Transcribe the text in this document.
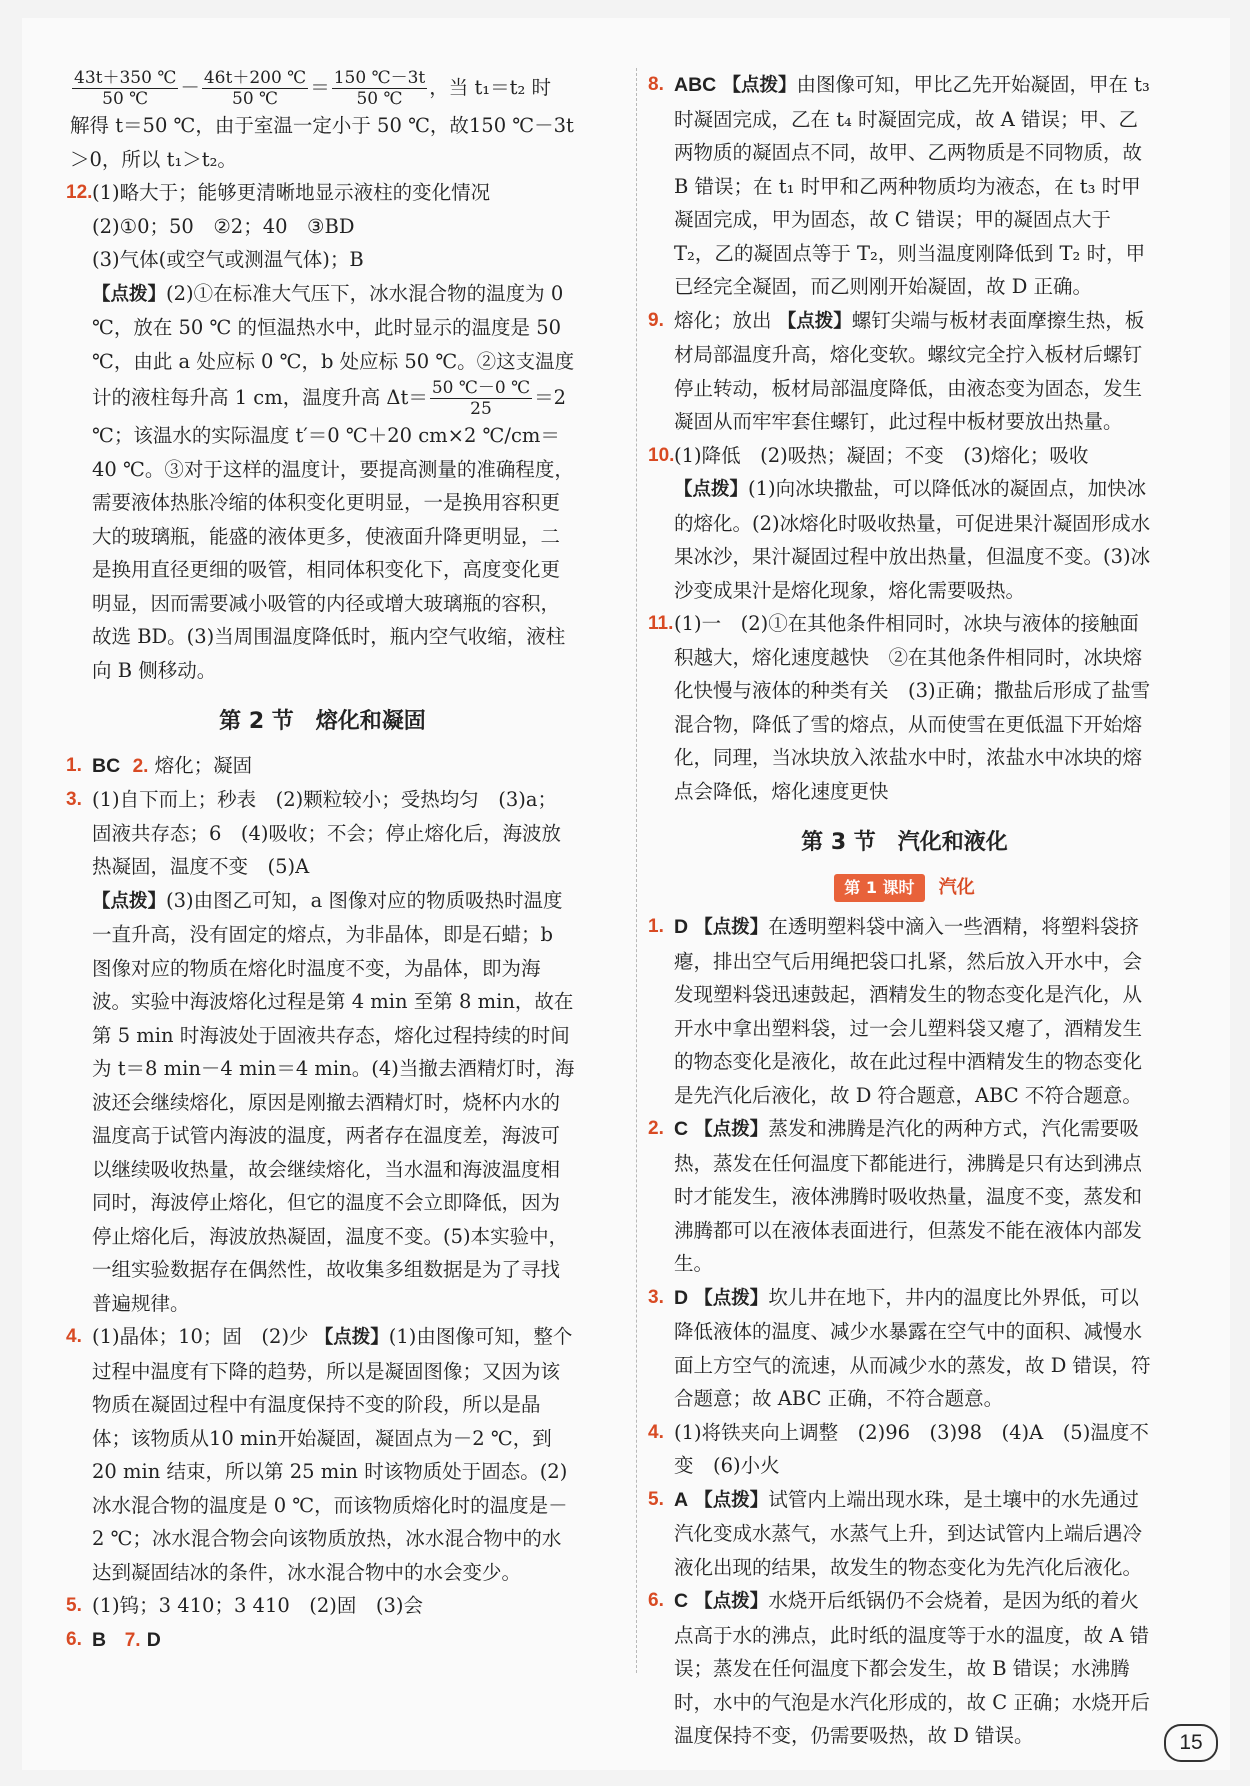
$\frac{43t+350 ℃}{50 ℃} - \frac{46t+200 ℃}{50 ℃} = \frac{150 ℃-3t}{50 ℃}$ ，当 t₁＝t₂ 时
解得 t＝50 ℃，由于室温一定小于 50 ℃，故150 ℃－3t＞0，所以 t₁＞t₂。

12. (1)略大于；能够更清晰地显示液柱的变化情况
(2)①0；50　②2；40　③BD
(3)气体(或空气或测温气体)；B
【点拨】(2)①在标准大气压下，冰水混合物的温度为 0 ℃，放在 50 ℃ 的恒温热水中，此时显示的温度是 50 ℃，由此 a 处应标 0 ℃，b 处应标 50 ℃。②这支温度计的液柱每升高 1 cm，温度升高 $\Delta t= \frac{50 ℃-0 ℃}{25} =2$ ℃；该温水的实际温度 t′＝0 ℃＋20 cm×2 ℃/cm＝40 ℃。③对于这样的温度计，要提高测量的准确程度，需要液体热胀冷缩的体积变化更明显，一是换用容积更大的玻璃瓶，能盛的液体更多，使液面升降更明显，二是换用直径更细的吸管，相同体积变化下，高度变化更明显，因而需要减小吸管的内径或增大玻璃瓶的容积，故选 BD。(3)当周围温度降低时，瓶内空气收缩，液柱向 B 侧移动。
第 2 节　熔化和凝固
1. BC 2. 熔化；凝固
3. (1)自下而上；秒表　(2)颗粒较小；受热均匀　(3)a；固液共存态；6　(4)吸收；不会；停止熔化后，海波放热凝固，温度不变　(5)A
【点拨】(3)由图乙可知，a 图像对应的物质吸热时温度一直升高，没有固定的熔点，为非晶体，即是石蜡；b 图像对应的物质在熔化时温度不变，为晶体，即为海波。实验中海波熔化过程是第 4 min 至第 8 min，故在第 5 min 时海波处于固液共存态，熔化过程持续的时间为 t＝8 min－4 min＝4 min。(4)当撤去酒精灯时，海波还会继续熔化，原因是刚撤去酒精灯时，烧杯内水的温度高于试管内海波的温度，两者存在温度差，海波可以继续吸收热量，故会继续熔化，当水温和海波温度相同时，海波停止熔化，但它的温度不会立即降低，因为停止熔化后，海波放热凝固，温度不变。(5)本实验中，一组实验数据存在偶然性，故收集多组数据是为了寻找普遍规律。
4. (1)晶体；10；固　(2)少 【点拨】(1)由图像可知，整个过程中温度有下降的趋势，所以是凝固图像；又因为该物质在凝固过程中有温度保持不变的阶段，所以是晶体；该物质从10 min开始凝固，凝固点为－2 ℃，到 20 min 结束，所以第 25 min 时该物质处于固态。(2)冰水混合物的温度是 0 ℃，而该物质熔化时的温度是－2 ℃；冰水混合物会向该物质放热，冰水混合物中的水达到凝固结冰的条件，冰水混合物中的水会变少。
5. (1)钨；3 410；3 410　(2)固　(3)会
6. B 7. D
8. ABC 【点拨】由图像可知，甲比乙先开始凝固，甲在 t₃ 时凝固完成，乙在 t₄ 时凝固完成，故 A 错误；甲、乙两物质的凝固点不同，故甲、乙两物质是不同物质，故 B 错误；在 t₁ 时甲和乙两种物质均为液态，在 t₃ 时甲凝固完成，甲为固态，故 C 错误；甲的凝固点大于 T₂，乙的凝固点等于 T₂，则当温度刚降低到 T₂ 时，甲已经完全凝固，而乙则刚开始凝固，故 D 正确。
9. 熔化；放出 【点拨】螺钉尖端与板材表面摩擦生热，板材局部温度升高，熔化变软。螺纹完全拧入板材后螺钉停止转动，板材局部温度降低，由液态变为固态，发生凝固从而牢牢套住螺钉，此过程中板材要放出热量。
10. (1)降低　(2)吸热；凝固；不变　(3)熔化；吸收
【点拨】(1)向冰块撒盐，可以降低冰的凝固点，加快冰的熔化。(2)冰熔化时吸收热量，可促进果汁凝固形成水果冰沙，果汁凝固过程中放出热量，但温度不变。(3)冰沙变成果汁是熔化现象，熔化需要吸热。
11. (1)一　(2)①在其他条件相同时，冰块与液体的接触面积越大，熔化速度越快　②在其他条件相同时，冰块熔化快慢与液体的种类有关　(3)正确；撒盐后形成了盐雪混合物，降低了雪的熔点，从而使雪在更低温下开始熔化，同理，当冰块放入浓盐水中时，浓盐水中冰块的熔点会降低，熔化速度更快
第 3 节　汽化和液化
第 1 课时 汽化
1. D 【点拨】在透明塑料袋中滴入一些酒精，将塑料袋挤瘪，排出空气后用绳把袋口扎紧，然后放入开水中，会发现塑料袋迅速鼓起，酒精发生的物态变化是汽化，从开水中拿出塑料袋，过一会儿塑料袋又瘪了，酒精发生的物态变化是液化，故在此过程中酒精发生的物态变化是先汽化后液化，故 D 符合题意，ABC 不符合题意。
2. C 【点拨】蒸发和沸腾是汽化的两种方式，汽化需要吸热，蒸发在任何温度下都能进行，沸腾是只有达到沸点时才能发生，液体沸腾时吸收热量，温度不变，蒸发和沸腾都可以在液体表面进行，但蒸发不能在液体内部发生。
3. D 【点拨】坎儿井在地下，井内的温度比外界低，可以降低液体的温度、减少水暴露在空气中的面积、减慢水面上方空气的流速，从而减少水的蒸发，故 D 错误，符合题意；故 ABC 正确，不符合题意。
4. (1)将铁夹向上调整　(2)96　(3)98　(4)A　(5)温度不变　(6)小火
5. A 【点拨】试管内上端出现水珠，是土壤中的水先通过汽化变成水蒸气，水蒸气上升，到达试管内上端后遇冷液化出现的结果，故发生的物态变化为先汽化后液化。
6. C 【点拨】水烧开后纸锅仍不会烧着，是因为纸的着火点高于水的沸点，此时纸的温度等于水的温度，故 A 错误；蒸发在任何温度下都会发生，故 B 错误；水沸腾时，水中的气泡是水汽化形成的，故 C 正确；水烧开后温度保持不变，仍需要吸热，故 D 错误。	15
